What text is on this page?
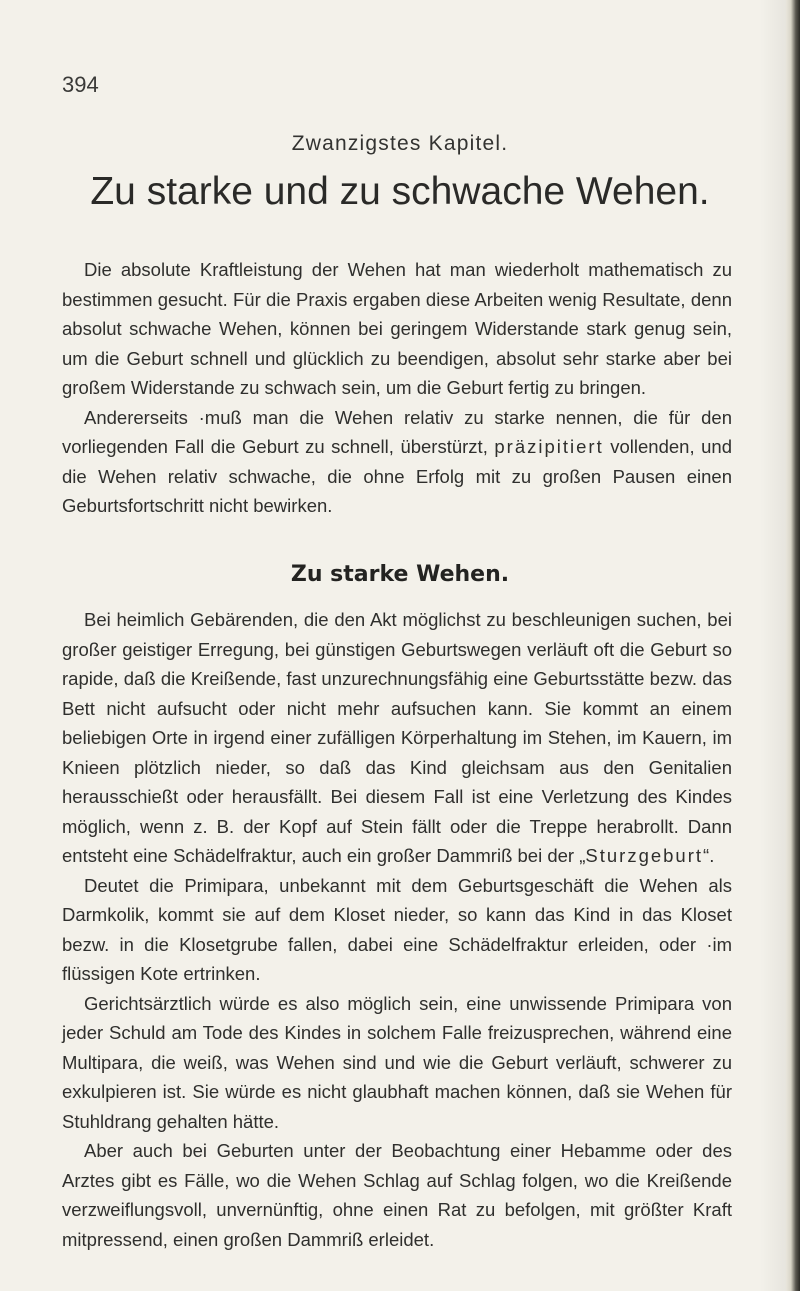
394
Zwanzigstes Kapitel.
Zu starke und zu schwache Wehen.

Die absolute Kraftleistung der Wehen hat man wiederholt mathematisch zu bestimmen gesucht. Für die Praxis ergaben diese Arbeiten wenig Resultate, denn absolut schwache Wehen, können bei geringem Widerstande stark genug sein, um die Geburt schnell und glücklich zu beendigen, absolut sehr starke aber bei großem Widerstande zu schwach sein, um die Geburt fertig zu bringen.

Andererseits ·muß man die Wehen relativ zu starke nennen, die für den vorliegenden Fall die Geburt zu schnell, überstürzt, präzipitiert vollenden, und die Wehen relativ schwache, die ohne Erfolg mit zu großen Pausen einen Geburtsfortschritt nicht bewirken.

Zu starke Wehen.

Bei heimlich Gebärenden, die den Akt möglichst zu beschleunigen suchen, bei großer geistiger Erregung, bei günstigen Geburtswegen verläuft oft die Geburt so rapide, daß die Kreißende, fast unzurechnungsfähig eine Geburtsstätte bezw. das Bett nicht aufsucht oder nicht mehr aufsuchen kann. Sie kommt an einem beliebigen Orte in irgend einer zufälligen Körperhaltung im Stehen, im Kauern, im Knieen plötzlich nieder, so daß das Kind gleichsam aus den Genitalien herausschießt oder herausfällt. Bei diesem Fall ist eine Verletzung des Kindes möglich, wenn z. B. der Kopf auf Stein fällt oder die Treppe herabrollt. Dann entsteht eine Schädelfraktur, auch ein großer Dammriß bei der „Sturzgeburt“.

Deutet die Primipara, unbekannt mit dem Geburtsgeschäft die Wehen als Darmkolik, kommt sie auf dem Kloset nieder, so kann das Kind in das Kloset bezw. in die Klosetgrube fallen, dabei eine Schädelfraktur erleiden, oder ·im flüssigen Kote ertrinken.

Gerichtsärztlich würde es also möglich sein, eine unwissende Primipara von jeder Schuld am Tode des Kindes in solchem Falle freizusprechen, während eine Multipara, die weiß, was Wehen sind und wie die Geburt verläuft, schwerer zu exkulpieren ist. Sie würde es nicht glaubhaft machen können, daß sie Wehen für Stuhldrang gehalten hätte.

Aber auch bei Geburten unter der Beobachtung einer Hebamme oder des Arztes gibt es Fälle, wo die Wehen Schlag auf Schlag folgen, wo die Kreißende verzweiflungsvoll, unvernünftig, ohne einen Rat zu befolgen, mit größter Kraft mitpressend, einen großen Dammriß erleidet.
